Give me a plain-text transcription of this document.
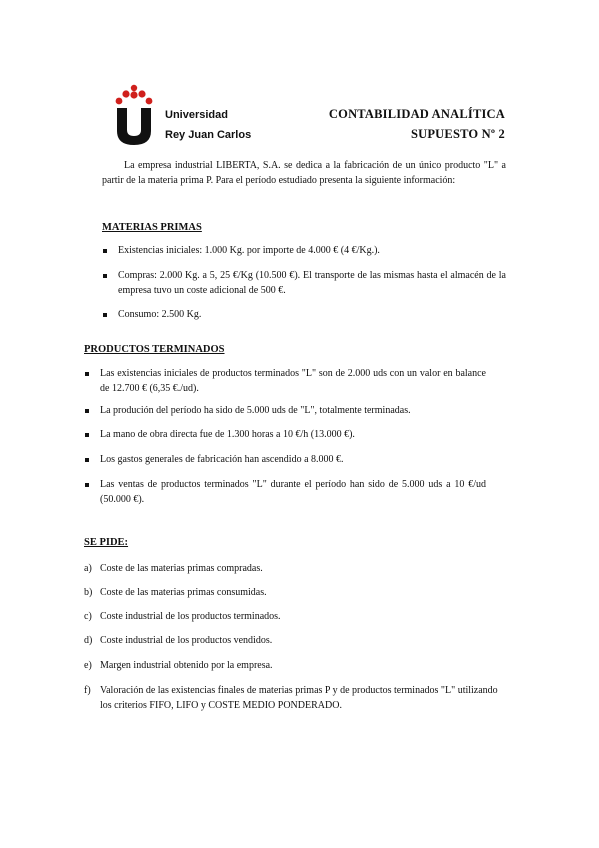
Universidad
Rey Juan Carlos
CONTABILIDAD ANALÍTICA
SUPUESTO Nº 2
La empresa industrial LIBERTA, S.A. se dedica a la fabricación de un único producto "L" a partir de la materia prima P. Para el período estudiado presenta la siguiente información:
MATERIAS PRIMAS
Existencias iniciales: 1.000 Kg. por importe de 4.000 € (4 €/Kg.).
Compras: 2.000 Kg. a 5, 25 €/Kg (10.500 €). El transporte de las mismas hasta el almacén de la empresa tuvo un coste adicional de 500 €.
Consumo: 2.500 Kg.
PRODUCTOS TERMINADOS
Las existencias iniciales de productos terminados "L" son de 2.000 uds con un valor en balance de 12.700 € (6,35 €./ud).
La produción del período ha sido de 5.000 uds de "L", totalmente terminadas.
La mano de obra directa fue de 1.300 horas a 10 €/h (13.000 €).
Los gastos generales de fabricación han ascendido a 8.000 €.
Las ventas de productos terminados "L" durante el período han sido de 5.000 uds a 10 €/ud (50.000 €).
SE PIDE:
a) Coste de las materias primas compradas.
b) Coste de las materias primas consumidas.
c) Coste industrial de los productos terminados.
d) Coste industrial de los productos vendidos.
e) Margen industrial obtenido por la empresa.
f) Valoración de las existencias finales de materias primas P y de productos terminados "L" utilizando los criterios FIFO, LIFO y COSTE MEDIO PONDERADO.
